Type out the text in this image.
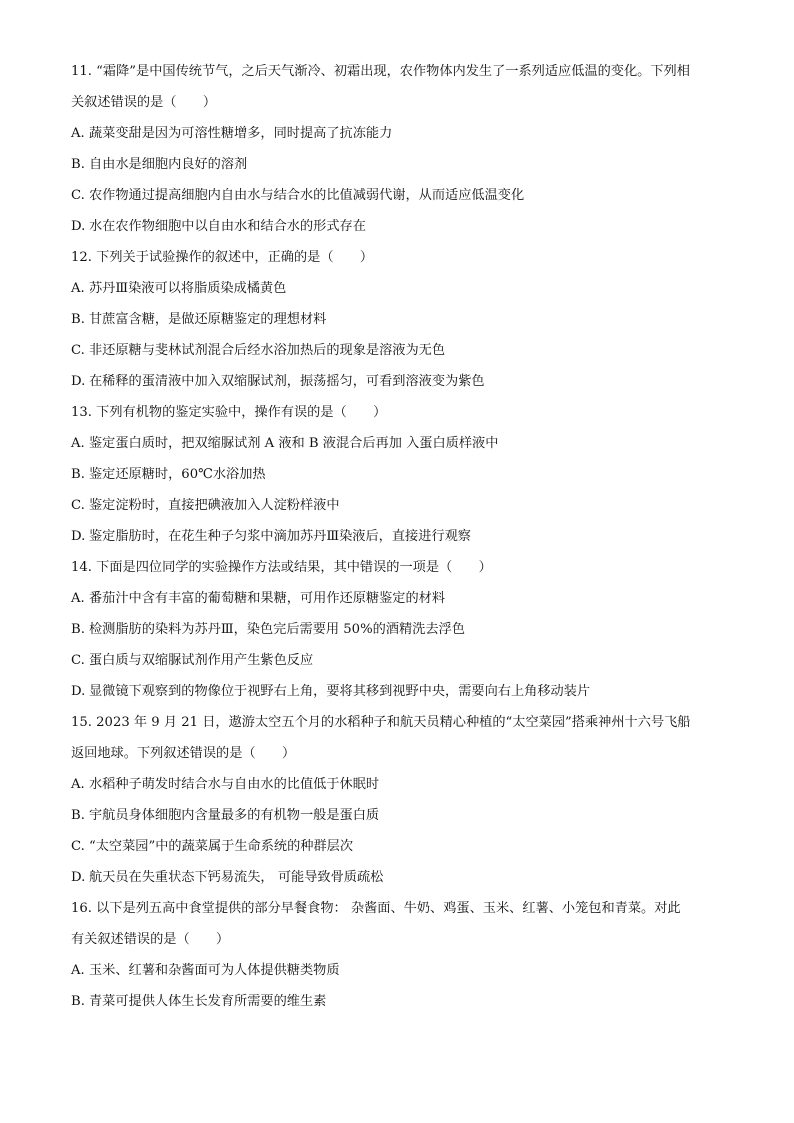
11. “霜降”是中国传统节气，之后天气渐冷、初霜出现，农作物体内发生了一系列适应低温的变化。下列相

关叙述错误的是（　　）

A. 蔬菜变甜是因为可溶性糖增多，同时提高了抗冻能力

B. 自由水是细胞内良好的溶剂

C. 农作物通过提高细胞内自由水与结合水的比值减弱代谢，从而适应低温变化

D. 水在农作物细胞中以自由水和结合水的形式存在

12. 下列关于试验操作的叙述中，正确的是（　　）

A. 苏丹Ⅲ染液可以将脂质染成橘黄色

B. 甘蔗富含糖，是做还原糖鉴定的理想材料

C. 非还原糖与斐林试剂混合后经水浴加热后的现象是溶液为无色

D. 在稀释的蛋清液中加入双缩脲试剂，振荡摇匀，可看到溶液变为紫色

13. 下列有机物的鉴定实验中，操作有误的是（　　）

A. 鉴定蛋白质时，把双缩脲试剂 A 液和 B 液混合后再加 入蛋白质样液中

B. 鉴定还原糖时，60℃水浴加热

C. 鉴定淀粉时，直接把碘液加入人淀粉样液中

D. 鉴定脂肪时，在花生种子匀浆中滴加苏丹Ⅲ染液后，直接进行观察

14. 下面是四位同学的实验操作方法或结果，其中错误的一项是（　　）

A. 番茄汁中含有丰富的葡萄糖和果糖，可用作还原糖鉴定的材料

B. 检测脂肪的染料为苏丹Ⅲ，染色完后需要用 50%的酒精洗去浮色

C. 蛋白质与双缩脲试剂作用产生紫色反应

D. 显微镜下观察到的物像位于视野右上角，要将其移到视野中央，需要向右上角移动装片

15. 2023 年 9 月 21 日，遨游太空五个月的水稻种子和航天员精心种植的“太空菜园”搭乘神州十六号飞船

返回地球。下列叙述错误的是（　　）

A. 水稻种子萌发时结合水与自由水的比值低于休眠时

B. 宇航员身体细胞内含量最多的有机物一般是蛋白质

C. “太空菜园”中的蔬菜属于生命系统的种群层次

D. 航天员在失重状态下钙易流失， 可能导致骨质疏松

16. 以下是列五高中食堂提供的部分早餐食物： 杂酱面、牛奶、鸡蛋、玉米、红薯、小笼包和青菜。对此

有关叙述错误的是（　　）

A. 玉米、红薯和杂酱面可为人体提供糖类物质

B. 青菜可提供人体生长发育所需要的维生素
